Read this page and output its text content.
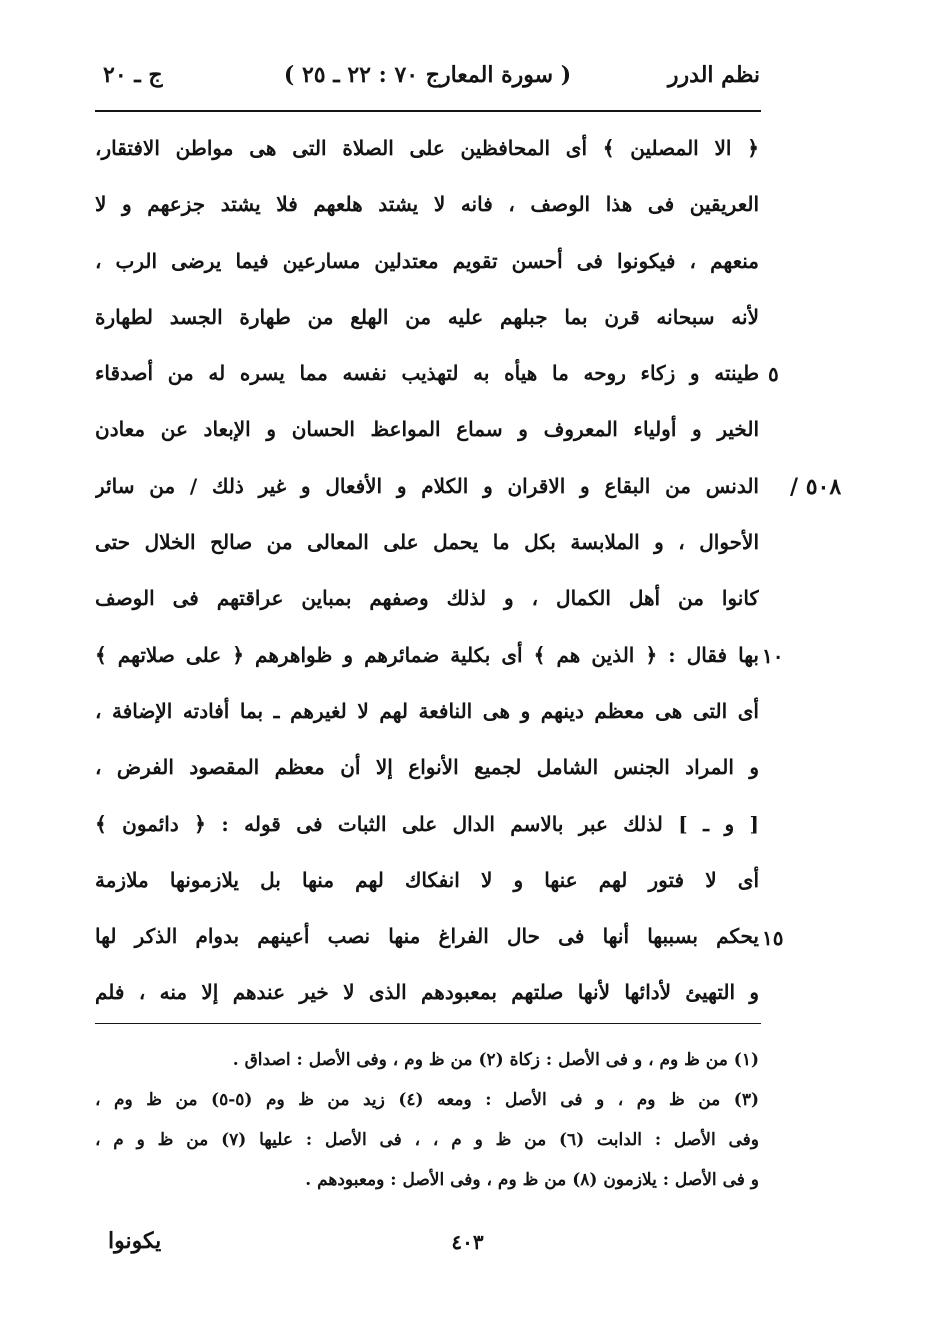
نظم الدرر
( سورة المعارج ٧٠ : ٢٢ ـ ٢٥ )
ج ـ ٢٠
﴿ الا المصلين ﴾ أى المحافظين على الصلاة التى هى مواطن الافتقار،
العريقين فى هذا الوصف ، فانه لا يشتد هلعهم فلا يشتد جزعهم و لا
منعهم ، فيكونوا فى أحسن تقويم معتدلين مسارعين فيما يرضى الرب ،
لأنه سبحانه قرن بما جبلهم عليه من الهلع من طهارة الجسد لطهارة
طينته و زكاء روحه ما هيأه به لتهذيب نفسه مما يسره له من أصدقاء
الخير و أولياء المعروف و سماع المواعظ الحسان و الإبعاد عن معادن
الدنس من البقاع و الاقران و الكلام و الأفعال و غير ذلك / من سائر
الأحوال ، و الملابسة بكل ما يحمل على المعالى من صالح الخلال حتى
كانوا من أهل الكمال ، و لذلك وصفهم بمباين عراقتهم فى الوصف
بها فقال : ﴿ الذين هم ﴾ أى بكلية ضمائرهم و ظواهرهم ﴿ على صلاتهم ﴾
أى التى هى معظم دينهم و هى النافعة لهم لا لغيرهم ـ بما أفادته الإضافة ،
و المراد الجنس الشامل لجميع الأنواع إلا أن معظم المقصود الفرض ،
[ و ـ ] لذلك عبر بالاسم الدال على الثبات فى قوله : ﴿ دائمون ﴾
أى لا فتور لهم عنها و لا انفكاك لهم منها بل يلازمونها ملازمة
يحكم بسببها أنها فى حال الفراغ منها نصب أعينهم بدوام الذكر لها
و التهيئ لأدائها لأنها صلتهم بمعبودهم الذى لا خير عندهم إلا منه ، فلم
٥
١٠
١٥
٥٠٨ /
(١) من ظ وم ، و فى الأصل : زكاة (٢) من ظ وم ، وفى الأصل : اصداق .
(٣) من ظ وم ، و فى الأصل : ومعه (٤) زيد من ظ وم (٥-٥) من ظ وم ،
وفى الأصل : الدابت (٦) من ظ و م ، ، فى الأصل : عليها (٧) من ظ و م ،
و فى الأصل : يلازمون (٨) من ظ وم ، وفى الأصل : ومعبودهم .
٤٠٣
يكونوا
